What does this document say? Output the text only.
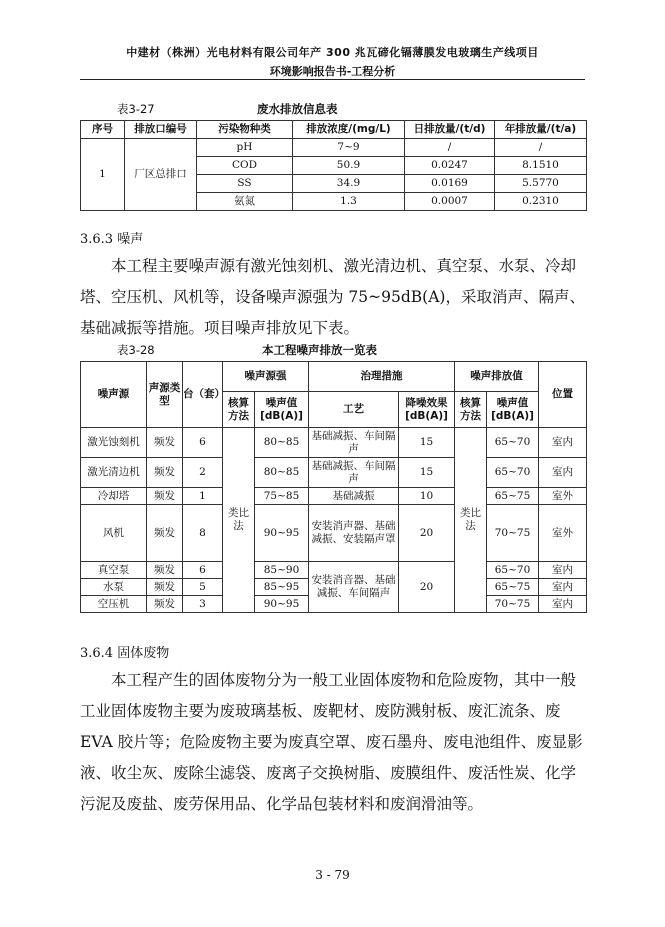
中建材（株洲）光电材料有限公司年产 300 兆瓦碲化镉薄膜发电玻璃生产线项目
环境影响报告书-工程分析
表3-27	废水排放信息表
序号	排放口编号	污染物种类	排放浓度/(mg/L)	日排放量/(t/d)	年排放量/(t/a)
1	厂区总排口	pH	7~9	/	/
		COD	50.9	0.0247	8.1510
		SS	34.9	0.0169	5.5770
		氨氮	1.3	0.0007	0.2310
3.6.3 噪声

本工程主要噪声源有激光蚀刻机、激光清边机、真空泵、水泵、冷却塔、空压机、风机等，设备噪声源强为 75~95dB(A)，采取消声、隔声、基础减振等措施。项目噪声排放见下表。

表3-28	本工程噪声排放一览表
噪声源	声源类型	台（套）	噪声源强		治理措施		噪声排放值		位置
			核算方法	噪声值[dB(A)]	工艺	降噪效果[dB(A)]	核算方法	噪声值[dB(A)]	
激光蚀刻机	频发	6	类比法	80~85	基础减振、车间隔声	15	类比法	65~70	室内
激光清边机	频发	2		80~85	基础减振、车间隔声	15		65~70	室内
冷却塔	频发	1		75~85	基础减振	10		65~75	室外
风机	频发	8		90~95	安装消声器、基础减振、安装隔声罩	20		70~75	室外
真空泵	频发	6		85~90	安装消音器、基础减振、车间隔声	20		65~70	室内
水泵	频发	5		85~95				65~75	室内
空压机	频发	3		90~95				70~75	室内
3.6.4 固体废物

本工程产生的固体废物分为一般工业固体废物和危险废物，其中一般工业固体废物主要为废玻璃基板、废靶材、废防溅射板、废汇流条、废 EVA 胶片等；危险废物主要为废真空罩、废石墨舟、废电池组件、废显影液、收尘灰、废除尘滤袋、废离子交换树脂、废膜组件、废活性炭、化学污泥及废盐、废劳保用品、化学品包装材料和废润滑油等。

3 - 79
